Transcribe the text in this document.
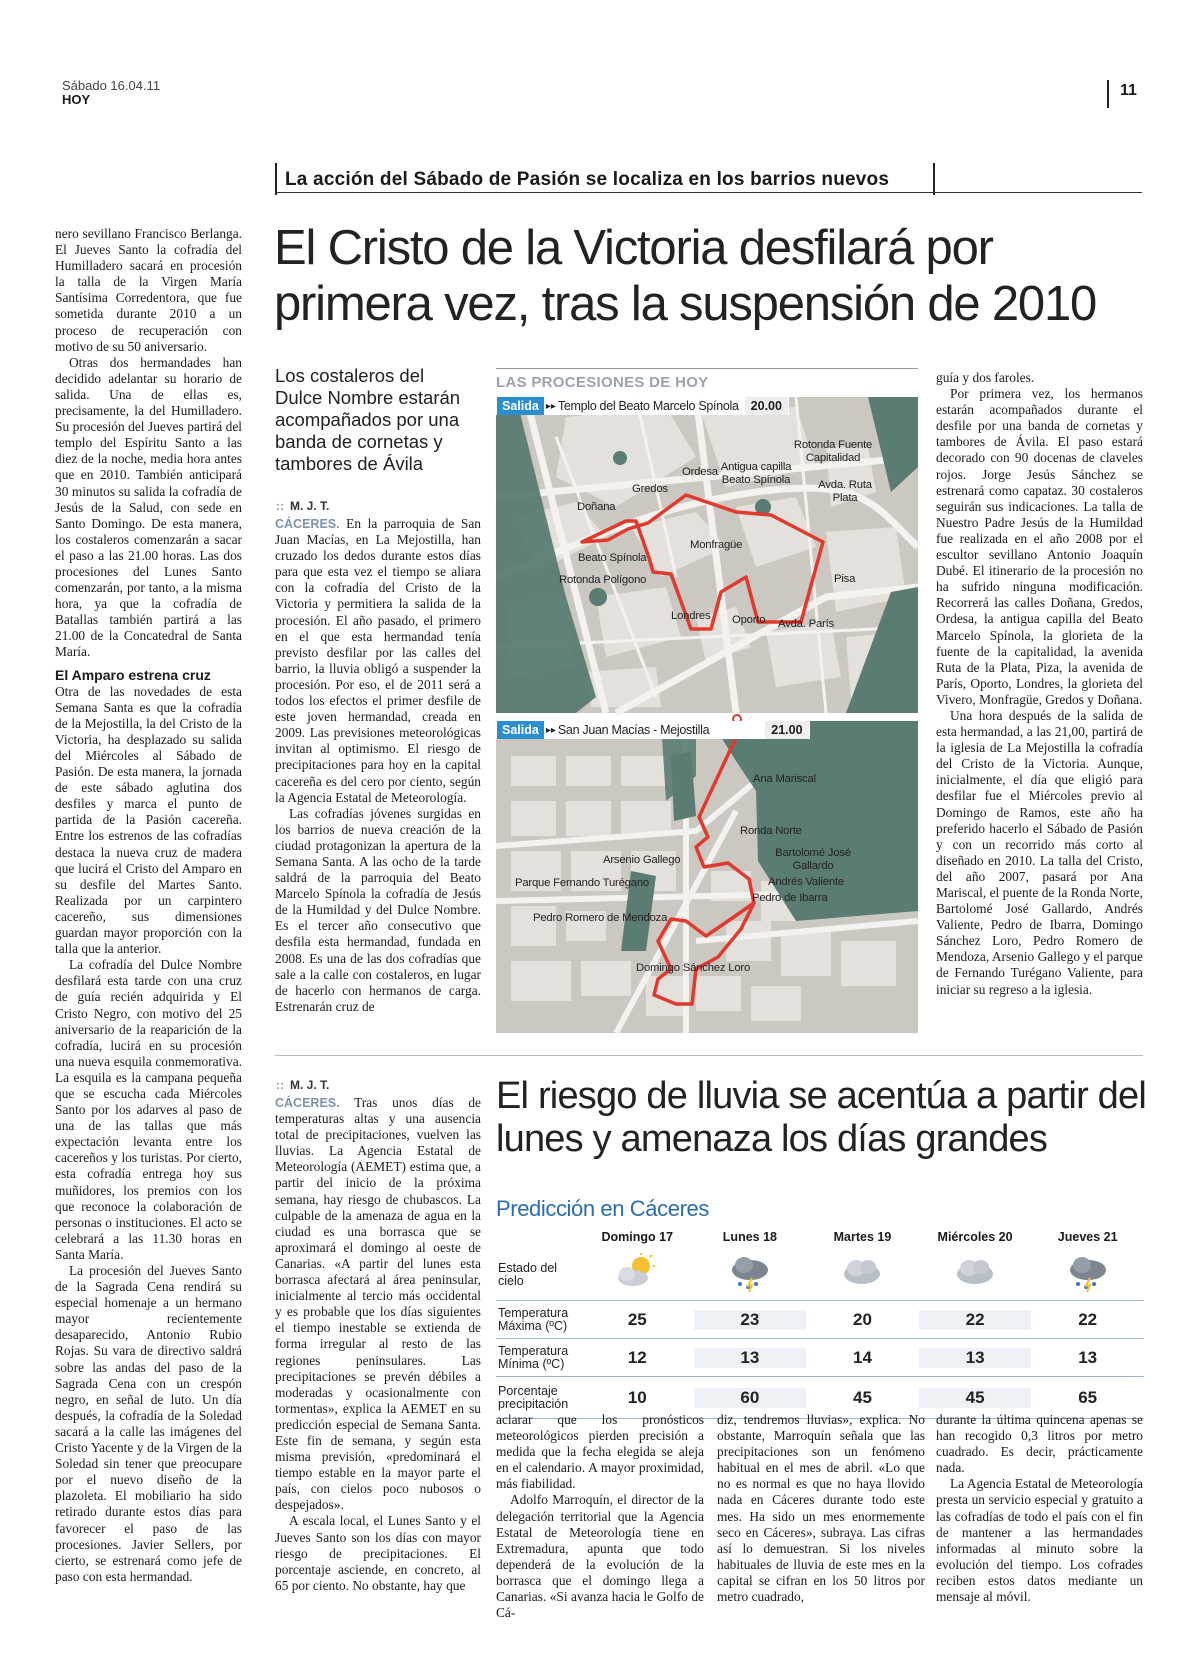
Sábado 16.04.11
HOY
11
La acción del Sábado de Pasión se localiza en los barrios nuevos

nero sevillano Francisco Berlanga. El Jueves Santo la cofradía del Humilladero sacará en procesión la talla de la Virgen María Santísima Corredentora, que fue sometida durante 2010 a un proceso de recuperación con motivo de su 50 aniversario.

Otras dos hermandades han decidido adelantar su horario de salida. Una de ellas es, precisamente, la del Humilladero. Su procesión del Jueves partirá del templo del Espíritu Santo a las diez de la noche, media hora antes que en 2010. También anticipará 30 minutos su salida la cofradía de Jesús de la Salud, con sede en Santo Domingo. De esta manera, los costaleros comenzarán a sacar el paso a las 21.00 horas. Las dos procesiones del Lunes Santo comenzarán, por tanto, a la misma hora, ya que la cofradía de Batallas también partirá a las 21.00 de la Concatedral de Santa María.

El Amparo estrena cruz

Otra de las novedades de esta Semana Santa es que la cofradía de la Mejostilla, la del Cristo de la Victoria, ha desplazado su salida del Miércoles al Sábado de Pasión. De esta manera, la jornada de este sábado aglutina dos desfiles y marca el punto de partida de la Pasión cacereña. Entre los estrenos de las cofradías destaca la nueva cruz de madera que lucirá el Cristo del Amparo en su desfile del Martes Santo. Realizada por un carpintero cacereño, sus dimensiones guardan mayor proporción con la talla que la anterior.

La cofradía del Dulce Nombre desfilará esta tarde con una cruz de guía recién adquirida y El Cristo Negro, con motivo del 25 aniversario de la reaparición de la cofradía, lucirá en su procesión una nueva esquila conmemorativa. La esquila es la campana pequeña que se escucha cada Miércoles Santo por los adarves al paso de una de las tallas que más expectación levanta entre los cacereños y los turistas. Por cierto, esta cofradía entrega hoy sus muñidores, los premios con los que reconoce la colaboración de personas o instituciones. El acto se celebrará a las 11.30 horas en Santa María.

La procesión del Jueves Santo de la Sagrada Cena rendirá su especial homenaje a un hermano mayor recientemente desaparecido, Antonio Rubio Rojas. Su vara de directivo saldrá sobre las andas del paso de la Sagrada Cena con un crespón negro, en señal de luto. Un día después, la cofradía de la Soledad sacará a la calle las imágenes del Cristo Yacente y de la Virgen de la Soledad sin tener que preocupare por el nuevo diseño de la plazoleta. El mobiliario ha sido retirado durante estos días para favorecer el paso de las procesiones. Javier Sellers, por cierto, se estrenará como jefe de paso con esta hermandad.

El Cristo de la Victoria desfilará por primera vez, tras la suspensión de 2010
Los costaleros del Dulce Nombre estarán acompañados por una banda de cornetas y tambores de Ávila
:: M. J. T.

CÁCERES. En la parroquia de San Juan Macías, en La Mejostilla, han cruzado los dedos durante estos días para que esta vez el tiempo se aliara con la cofradía del Cristo de la Victoria y permitiera la salida de la procesión. El año pasado, el primero en el que esta hermandad tenía previsto desfilar por las calles del barrio, la lluvia obligó a suspender la procesión. Por eso, el de 2011 será a todos los efectos el primer desfile de este joven hermandad, creada en 2009. Las previsiones meteorológicas invitan al optimismo. El riesgo de precipitaciones para hoy en la capital cacereña es del cero por ciento, según la Agencia Estatal de Meteorología.

Las cofradías jóvenes surgidas en los barrios de nueva creación de la ciudad protagonizan la apertura de la Semana Santa. A las ocho de la tarde saldrá de la parroquia del Beato Marcelo Spínola la cofradía de Jesús de la Humildad y del Dulce Nombre. Es el tercer año consecutivo que desfila esta hermandad, fundada en 2008. Es una de las dos cofradías que sale a la calle con costaleros, en lugar de hacerlo con hermanos de carga. Estrenarán cruz de

LAS PROCESIONES DE HOY
Salida ▸▸ Templo del Beato Marcelo Spínola 20.00
Doñana
Gredos
Ordesa Antigua capilla Beato Spínola
Rotonda Fuente Capitalidad
Avda. Ruta Plata
Monfragüe
Beato Spínola
Rotonda Polígono
Londres Oporto Avda. París
Pisa
Salida ▸▸ San Juan Macías - Mejostilla	21.00
Ana Mariscal
Ronda Norte
Bartolomé José Gallardo
Andrés Valiente
Pedro de Ibarra
Arsenio Gallego
Parque Fernando Turégano
Pedro Romero de Mendoza
Domingo Sánchez Loro

guía y dos faroles.

Por primera vez, los hermanos estarán acompañados durante el desfile por una banda de cornetas y tambores de Ávila. El paso estará decorado con 90 docenas de claveles rojos. Jorge Jesús Sánchez se estrenará como capataz. 30 costaleros seguirán sus indicaciones. La talla de Nuestro Padre Jesús de la Humildad fue realizada en el año 2008 por el escultor sevillano Antonio Joaquín Dubé. El itinerario de la procesión no ha sufrido ninguna modificación. Recorrerá las calles Doñana, Gredos, Ordesa, la antigua capilla del Beato Marcelo Spínola, la glorieta de la fuente de la capitalidad, la avenida Ruta de la Plata, Piza, la avenida de París, Oporto, Londres, la glorieta del Vivero, Monfragüe, Gredos y Doñana.

Una hora después de la salida de esta hermandad, a las 21,00, partirá de la iglesia de La Mejostilla la cofradía del Cristo de la Victoria. Aunque, inicialmente, el día que eligió para desfilar fue el Miércoles previo al Domingo de Ramos, este año ha preferido hacerlo el Sábado de Pasión y con un recorrido más corto al diseñado en 2010. La talla del Cristo, del año 2007, pasará por Ana Mariscal, el puente de la Ronda Norte, Bartolomé José Gallardo, Andrés Valiente, Pedro de Ibarra, Domingo Sánchez Loro, Pedro Romero de Mendoza, Arsenio Gallego y el parque de Fernando Turégano Valiente, para iniciar su regreso a la iglesia.

:: M. J. T.

CÁCERES. Tras unos días de temperaturas altas y una ausencia total de precipitaciones, vuelven las lluvias. La Agencia Estatal de Meteorología (AEMET) estima que, a partir del inicio de la próxima semana, hay riesgo de chubascos. La culpable de la amenaza de agua en la ciudad es una borrasca que se aproximará el domingo al oeste de Canarias. «A partir del lunes esta borrasca afectará al área peninsular, inicialmente al tercio más occidental y es probable que los días siguientes el tiempo inestable se extienda de forma irregular al resto de las regiones peninsulares. Las precipitaciones se prevén débiles a moderadas y ocasionalmente con tormentas», explica la AEMET en su predicción especial de Semana Santa. Este fin de semana, y según esta misma previsión, «predominará el tiempo estable en la mayor parte el país, con cielos poco nubosos o despejados».

A escala local, el Lunes Santo y el Jueves Santo son los días con mayor riesgo de precipitaciones. El porcentaje asciende, en concreto, al 65 por ciento. No obstante, hay que

El riesgo de lluvia se acentúa a partir del lunes y amenaza los días grandes
Predicción en Cáceres
Domingo 17	Lunes 18	Martes 19	Miércoles 20	Jueves 21
Estado del cielo
Temperatura Máxima (ºC)	25	23	20	22	22
Temperatura Mínima (ºC)	12	13	14	13	13
Porcentaje precipitación	10	60	45	45	65

aclarar que los pronósticos meteorológicos pierden precisión a medida que la fecha elegida se aleja en el calendario. A mayor proximidad, más fiabilidad.

Adolfo Marroquín, el director de la delegación territorial que la Agencia Estatal de Meteorología tiene en Extremadura, apunta que todo dependerá de la evolución de la borrasca que el domingo llega a Canarias. «Si avanza hacia le Golfo de Cá-

diz, tendremos lluvias», explica. No obstante, Marroquín señala que las precipitaciones son un fenómeno habitual en el mes de abril. «Lo que no es normal es que no haya llovido nada en Cáceres durante todo este mes. Ha sido un mes enormemente seco en Cáceres», subraya. Las cifras así lo demuestran. Si los niveles habituales de lluvia de este mes en la capital se cifran en los 50 litros por metro cuadrado,

durante la última quincena apenas se han recogido 0,3 litros por metro cuadrado. Es decir, prácticamente nada.

La Agencia Estatal de Meteorología presta un servicio especial y gratuito a las cofradías de todo el país con el fin de mantener a las hermandades informadas al minuto sobre la evolución del tiempo. Los cofrades reciben estos datos mediante un mensaje al móvil.
